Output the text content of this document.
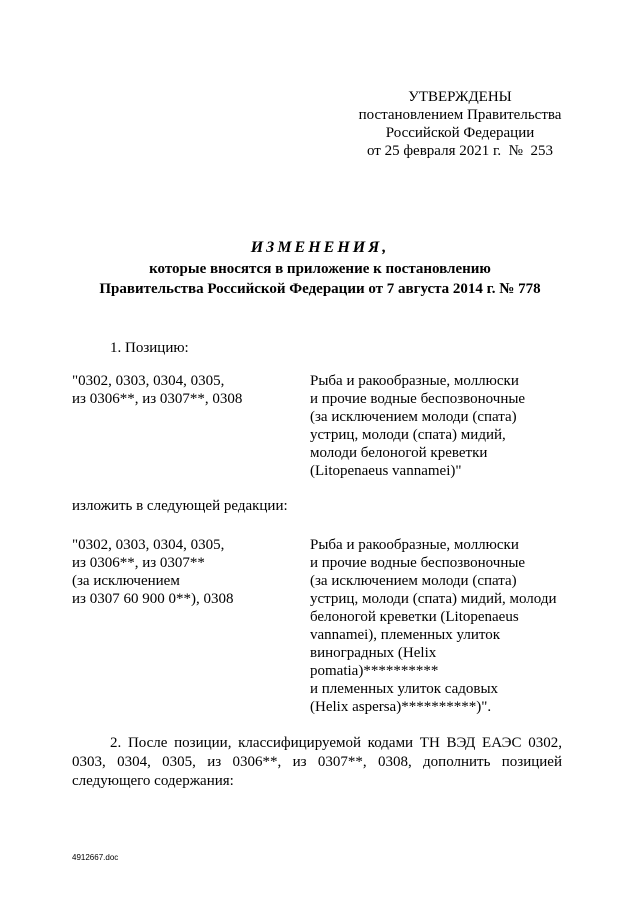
УТВЕРЖДЕНЫ
постановлением Правительства
Российской Федерации
от 25 февраля 2021 г.  №  253
ИЗМЕНЕНИЯ,
которые вносятся в приложение к постановлению
Правительства Российской Федерации от 7 августа 2014 г. № 778
1. Позицию:
"0302, 0303, 0304, 0305,
из 0306**, из 0307**, 0308
Рыба и ракообразные, моллюски
и прочие водные беспозвоночные
(за исключением молоди (спата)
устриц, молоди (спата) мидий,
молоди белоногой креветки
(Litopenaeus vannamei)"
изложить в следующей редакции:
"0302, 0303, 0304, 0305,
из 0306**, из 0307**
(за исключением
из 0307 60 900 0**), 0308
Рыба и ракообразные, моллюски
и прочие водные беспозвоночные
(за исключением молоди (спата)
устриц, молоди (спата) мидий, молоди
белоногой креветки (Litopenaeus
vannamei), племенных улиток
виноградных (Helix
pomatia)**********
и племенных улиток садовых
(Helix aspersa)**********)".
2. После позиции, классифицируемой кодами ТН ВЭД ЕАЭС 0302, 0303, 0304, 0305, из 0306**, из 0307**, 0308, дополнить позицией следующего содержания:
4912667.doc
